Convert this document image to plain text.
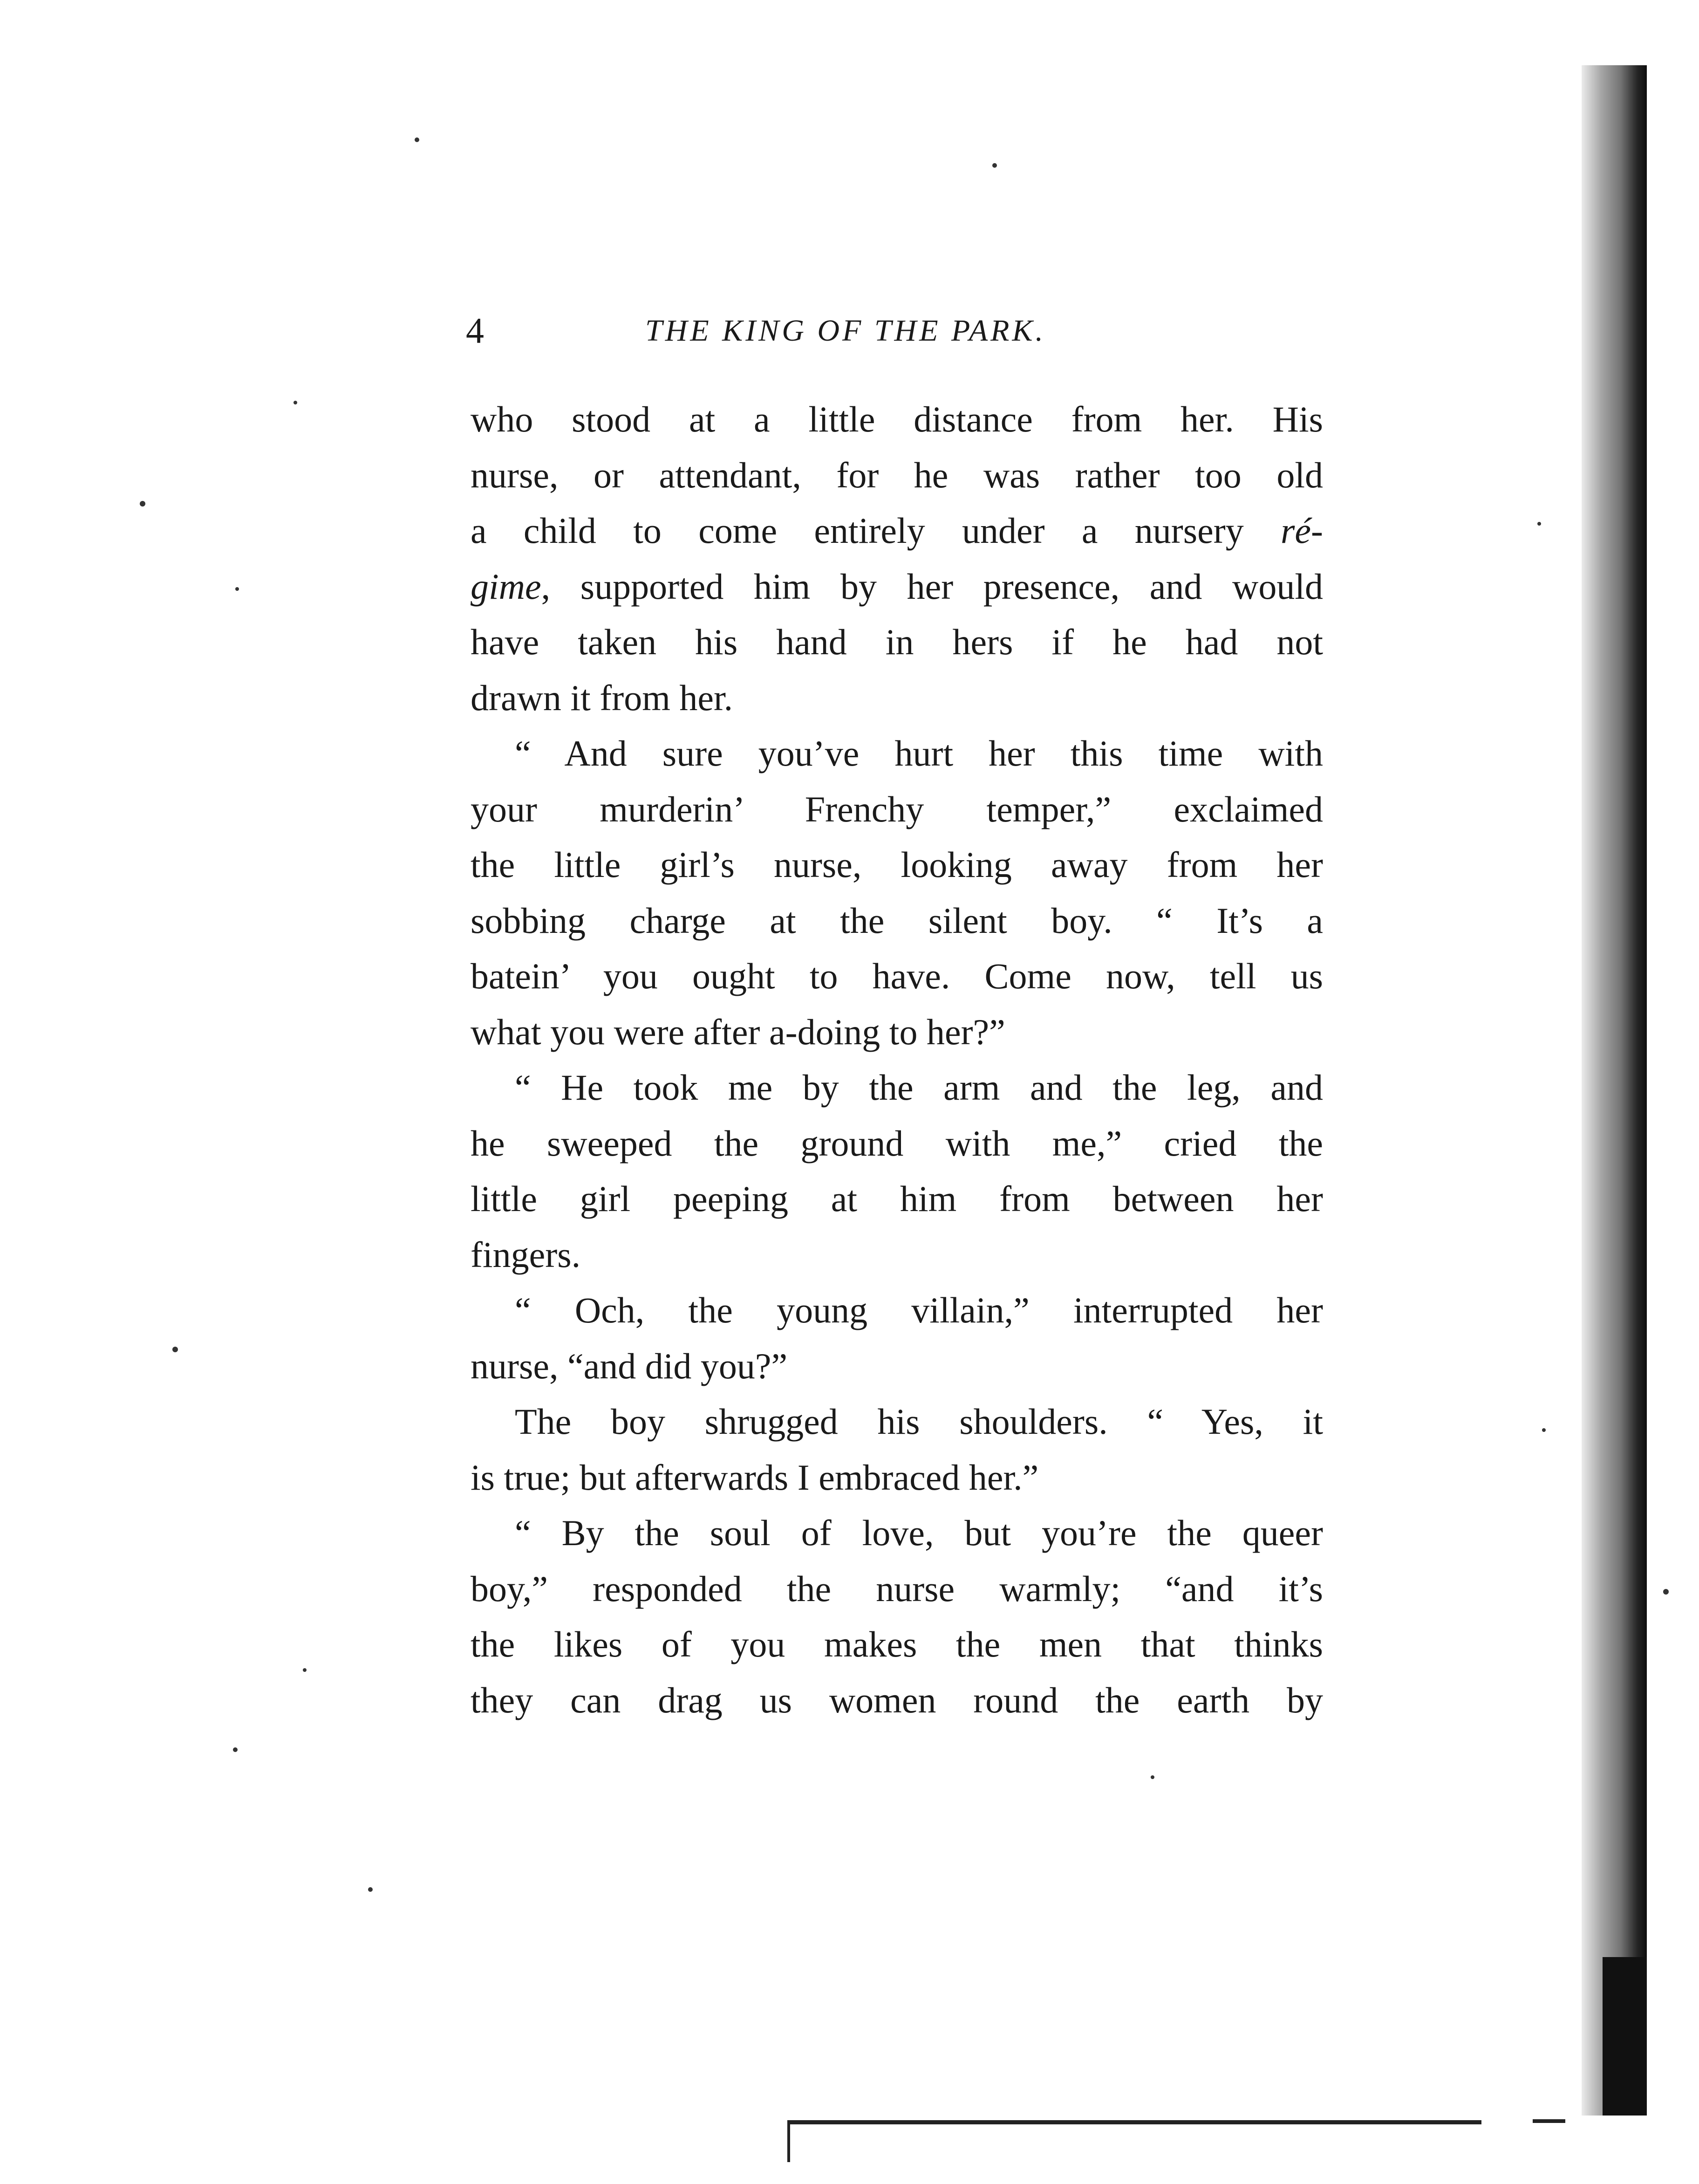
4	THE KING OF THE PARK.
who stood at a little distance from her. His
nurse, or attendant, for he was rather too old
a child to come entirely under a nursery ré-
gime, supported him by her presence, and would
have taken his hand in hers if he had not
drawn it from her.
“ And sure you’ve hurt her this time with
your murderin’ Frenchy temper,” exclaimed
the little girl’s nurse, looking away from her
sobbing charge at the silent boy. “ It’s a
batein’ you ought to have. Come now, tell us
what you were after a-doing to her?”
“ He took me by the arm and the leg, and
he sweeped the ground with me,” cried the
little girl peeping at him from between her
fingers.
“ Och, the young villain,” interrupted her
nurse, “and did you?”
The boy shrugged his shoulders. “ Yes, it
is true; but afterwards I embraced her.”
“ By the soul of love, but you’re the queer
boy,” responded the nurse warmly; “and it’s
the likes of you makes the men that thinks
they can drag us women round the earth by
